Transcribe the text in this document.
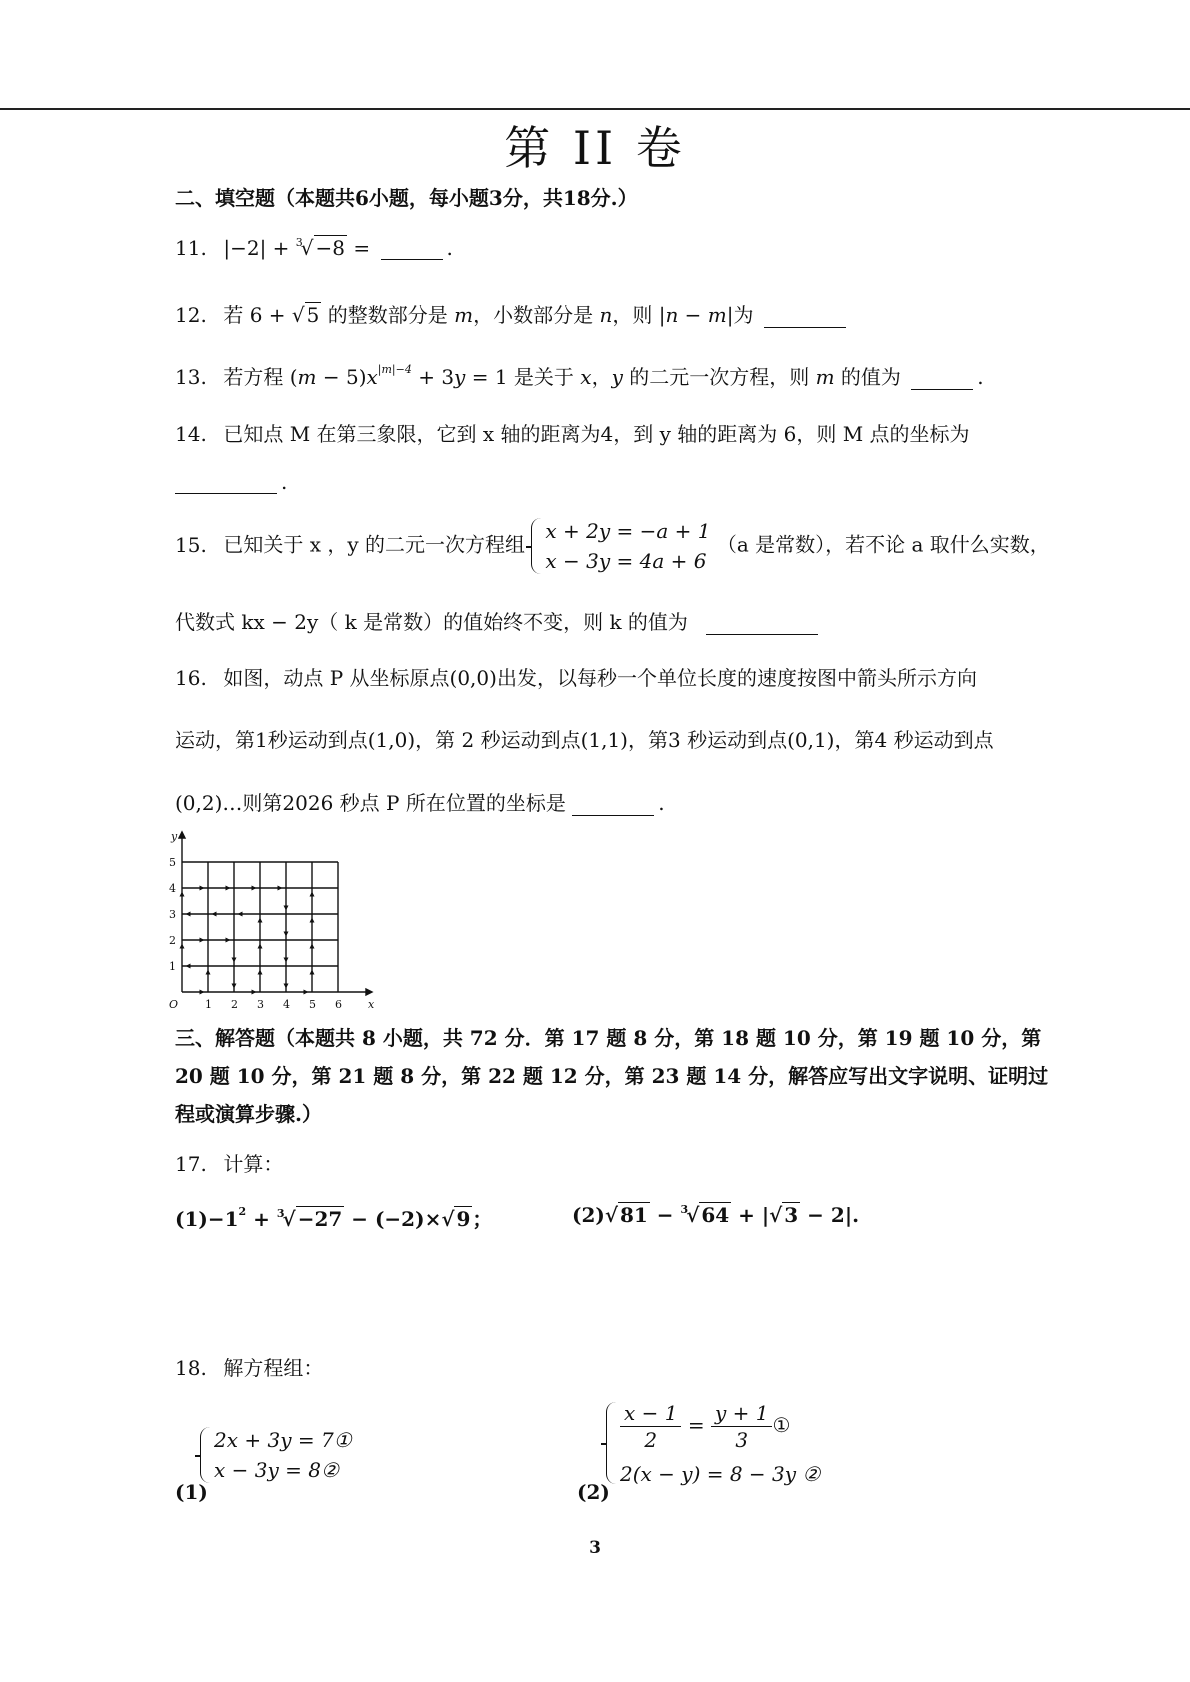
第 II 卷
二、填空题（本题共6小题，每小题3分，共18分.）
11. |−2| + $^3$√ −8 =	.
12. 若 6 + √ 5 的整数部分是 m，小数部分是 n，则 |n − m|为
13. 若方程 $(m - 5)x^{|m|-4} + 3y = 1$ 是关于 x，y 的二元一次方程，则 m 的值为	.
14. 已知点 M 在第三象限，它到 x 轴的距离为4，到 y 轴的距离为 6，则 M 点的坐标为
.
15. 已知关于 x ，y 的二元一次方程组
x + 2y = −a + 1
x − 3y = 4a + 6
（a 是常数），若不论 a 取什么实数，
代数式 kx − 2y（ k 是常数）的值始终不变，则 k 的值为
16. 如图，动点 P 从坐标原点(0,0)出发，以每秒一个单位长度的速度按图中箭头所示方向
运动，第1秒运动到点(1,0)，第 2 秒运动到点(1,1)，第3 秒运动到点(0,1)，第4 秒运动到点
(0,2)…则第2026 秒点 P 所在位置的坐标是	.
y
x
O 1 2 3 4 5 6
1
2
3
4
5
三、解答题（本题共 8 小题，共 72 分．第 17 题 8 分，第 18 题 10 分，第 19 题 10 分，第
20 题 10 分，第 21 题 8 分，第 22 题 12 分，第 23 题 14 分，解答应写出文字说明、证明过
程或演算步骤.）
17. 计算：
$(1)-1^2 + ^3√ -27 - (-2)\times√$ 9 ；	(2)√ 81 − $^3$√ 64 + |√ 3 − 2|.
18. 解方程组：
(1)
2x + 3y = 7①
x − 3y = 8②
(2)
$\frac{x - 1}{2} = \frac{y + 1}{3}$ ①
2(x − y) = 8 − 3y ②
3
